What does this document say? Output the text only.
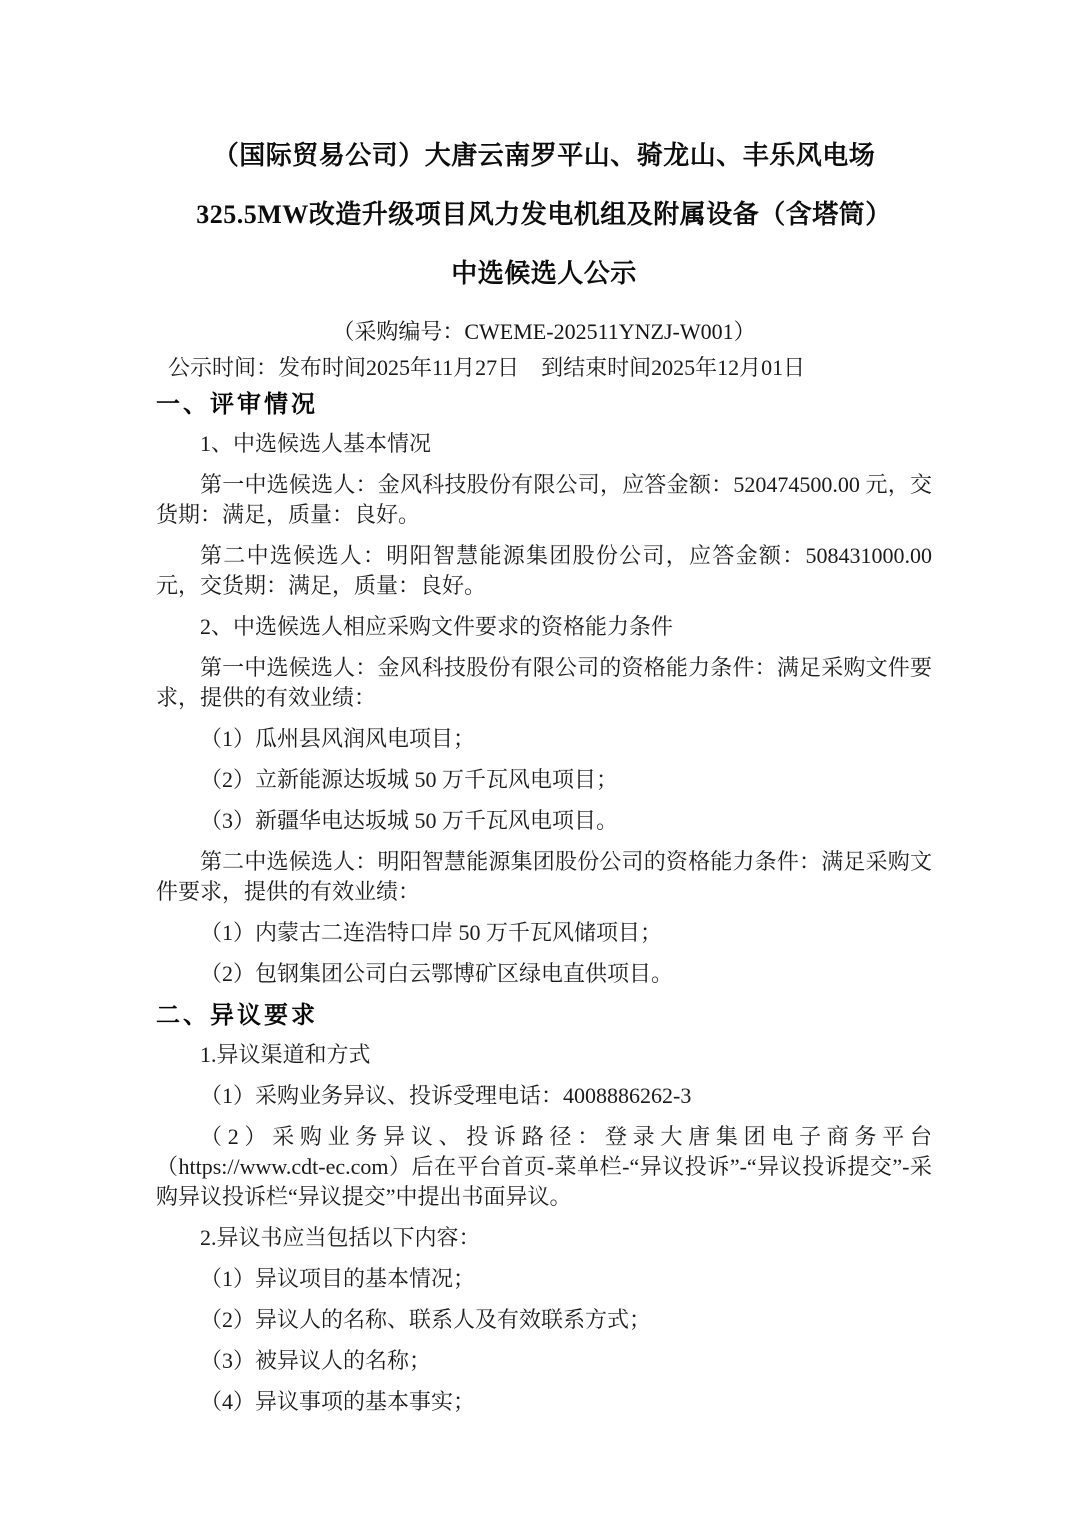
（国际贸易公司）大唐云南罗平山、骑龙山、丰乐风电场
325.5MW改造升级项目风力发电机组及附属设备（含塔筒）
中选候选人公示

（采购编号：CWEME-202511YNZJ-W001）

公示时间：发布时间2025年11月27日　到结束时间2025年12月01日

一、评审情况

1、中选候选人基本情况

第一中选候选人：金风科技股份有限公司，应答金额：520474500.00 元，交货期：满足，质量：良好。

第二中选候选人：明阳智慧能源集团股份公司，应答金额：508431000.00 元，交货期：满足，质量：良好。

2、中选候选人相应采购文件要求的资格能力条件

第一中选候选人：金风科技股份有限公司的资格能力条件：满足采购文件要求，提供的有效业绩：

（1）瓜州县风润风电项目；

（2）立新能源达坂城 50 万千瓦风电项目；

（3）新疆华电达坂城 50 万千瓦风电项目。

第二中选候选人：明阳智慧能源集团股份公司的资格能力条件：满足采购文件要求，提供的有效业绩：

（1）内蒙古二连浩特口岸 50 万千瓦风储项目；

（2）包钢集团公司白云鄂博矿区绿电直供项目。

二、异议要求

1.异议渠道和方式

（1）采购业务异议、投诉受理电话：4008886262-3

（2）采购业务异议、投诉路径：登录大唐集团电子商务平台（https://www.cdt-ec.com）后在平台首页-菜单栏-“异议投诉”-“异议投诉提交”-采购异议投诉栏“异议提交”中提出书面异议。

2.异议书应当包括以下内容：

（1）异议项目的基本情况；

（2）异议人的名称、联系人及有效联系方式；

（3）被异议人的名称；

（4）异议事项的基本事实；
